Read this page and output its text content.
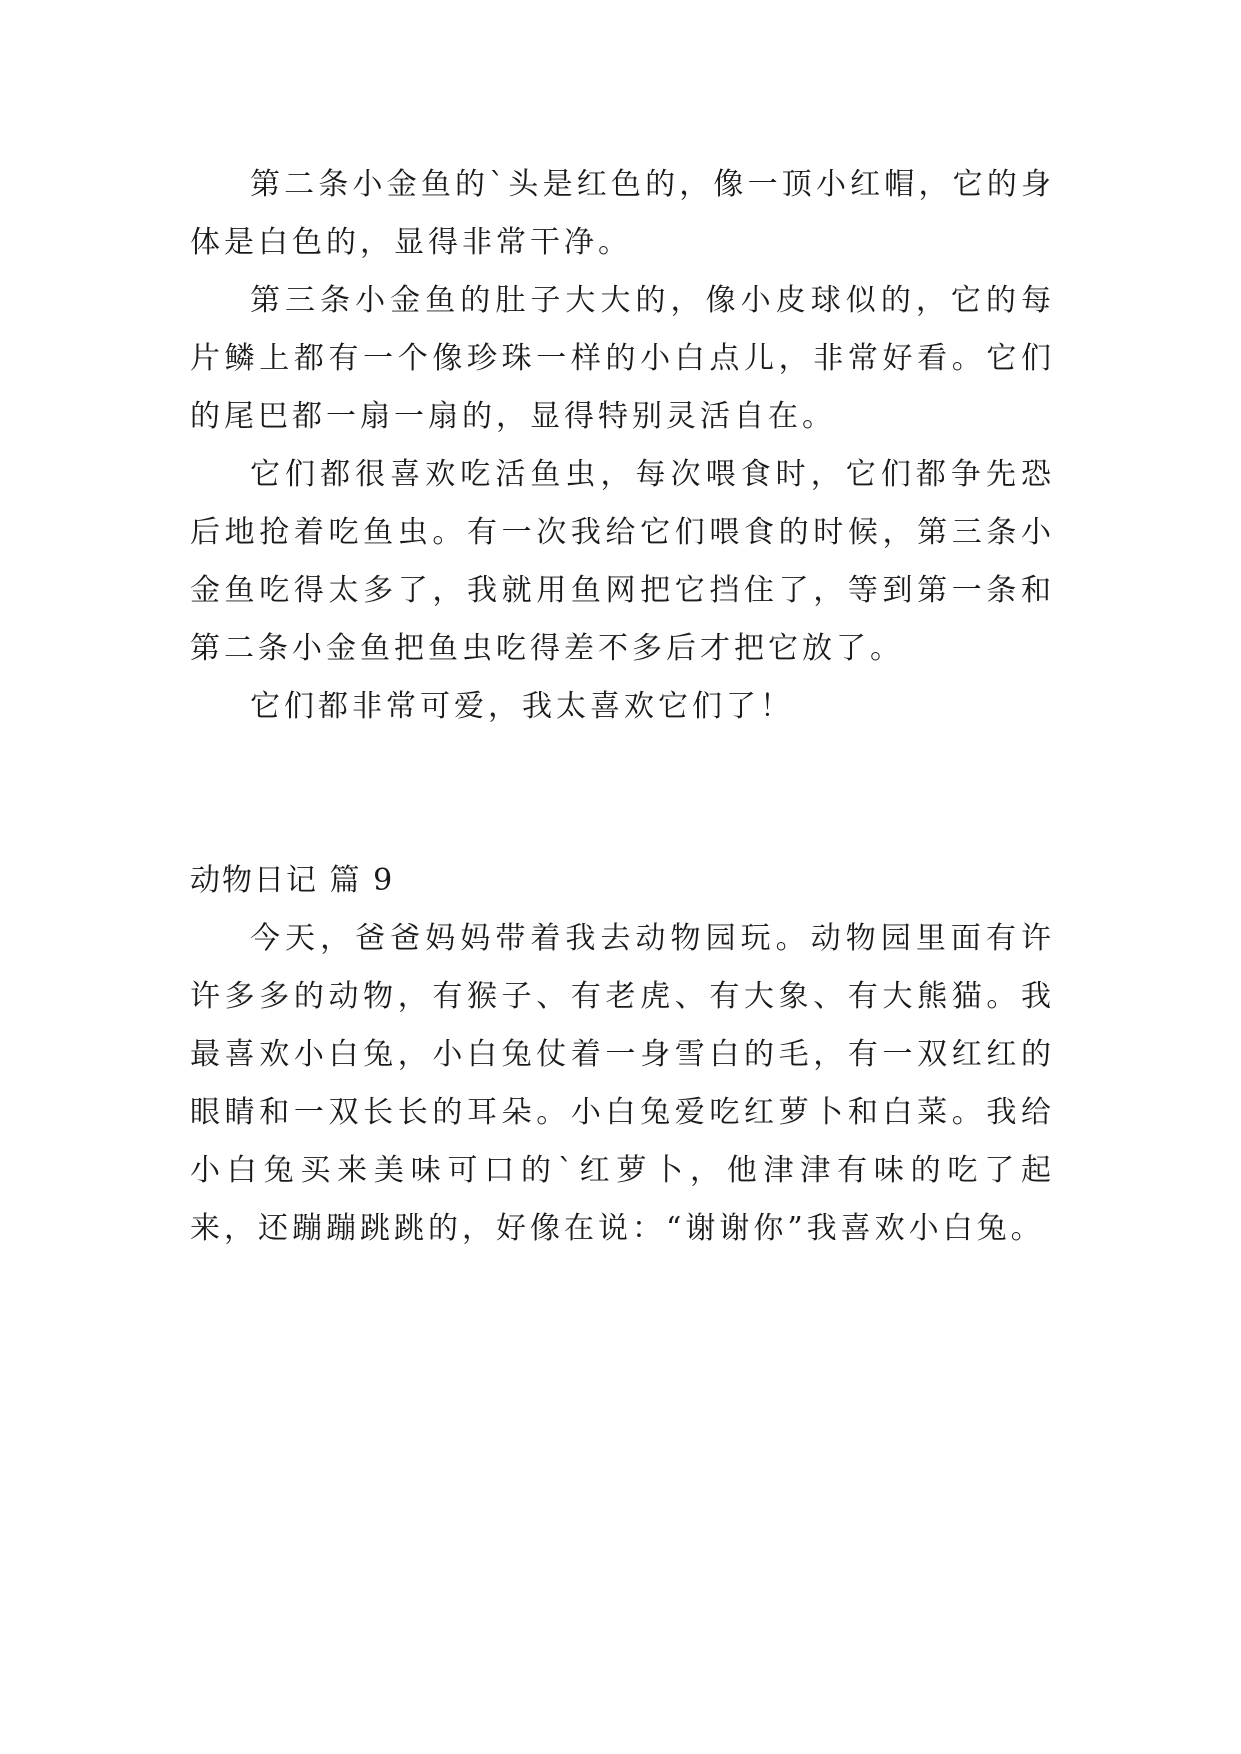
第二条小金鱼的`头是红色的，像一顶小红帽，它的身体是白色的，显得非常干净。

第三条小金鱼的肚子大大的，像小皮球似的，它的每片鳞上都有一个像珍珠一样的小白点儿，非常好看。它们的尾巴都一扇一扇的，显得特别灵活自在。

它们都很喜欢吃活鱼虫，每次喂食时，它们都争先恐后地抢着吃鱼虫。有一次我给它们喂食的时候，第三条小金鱼吃得太多了，我就用鱼网把它挡住了，等到第一条和第二条小金鱼把鱼虫吃得差不多后才把它放了。

它们都非常可爱，我太喜欢它们了！

动物日记 篇 9

今天，爸爸妈妈带着我去动物园玩。动物园里面有许许多多的动物，有猴子、有老虎、有大象、有大熊猫。我最喜欢小白兔，小白兔仗着一身雪白的毛，有一双红红的眼睛和一双长长的耳朵。小白兔爱吃红萝卜和白菜。我给小白兔买来美味可口的`红萝卜，他津津有味的吃了起来，还蹦蹦跳跳的，好像在说：“谢谢你”我喜欢小白兔。
